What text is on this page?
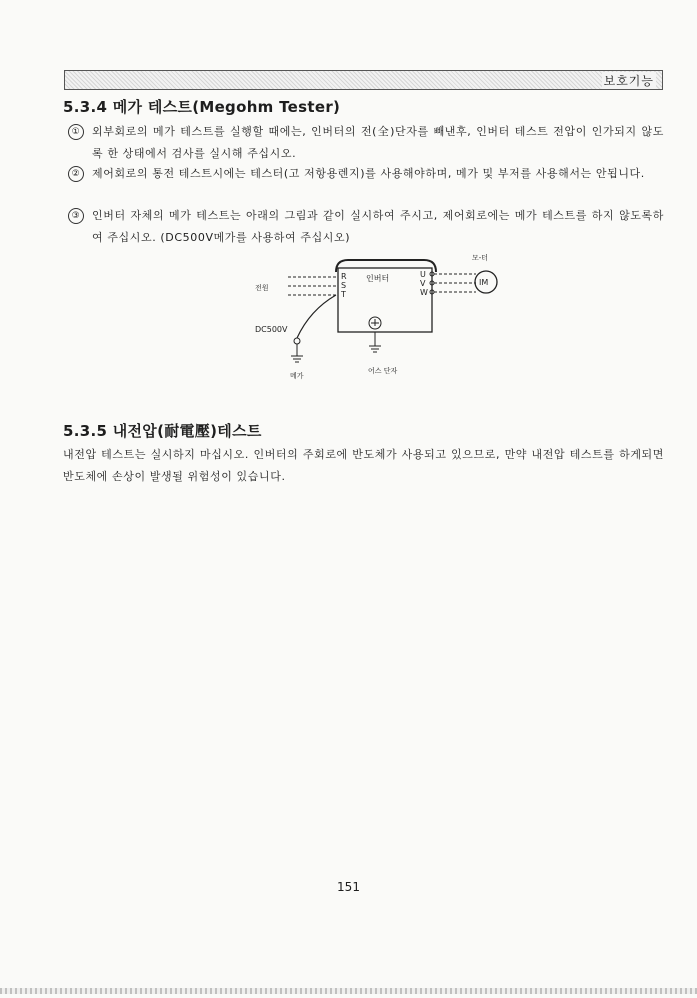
보호기능
5.3.4 메가 테스트(Megohm Tester)
①	외부회로의 메가 테스트를 실행할 때에는, 인버터의 전(全)단자를 빼낸후, 인버터 테스트 전압이 인가되지 않도록 한 상태에서 검사를 실시해 주십시오.
②	제어회로의 통전 테스트시에는 테스터(고 저항용렌지)를 사용해야하며, 메가 및 부저를 사용해서는 안됩니다.
③	인버터 자체의 메가 테스트는 아래의 그림과 같이 실시하여 주시고, 제어회로에는 메가 테스트를 하지 않도록하여 주십시오. (DC500V메가를 사용하여 주십시오)
인버터
R
S
T
U
V
W
모-터
IM
전원
DC500V
메가
어스 단자
5.3.5 내전압(耐電壓)테스트
내전압 테스트는 실시하지 마십시오. 인버터의 주회로에 반도체가 사용되고 있으므로, 만약 내전압 테스트를 하게되면 반도체에 손상이 발생될 위험성이 있습니다.
151
